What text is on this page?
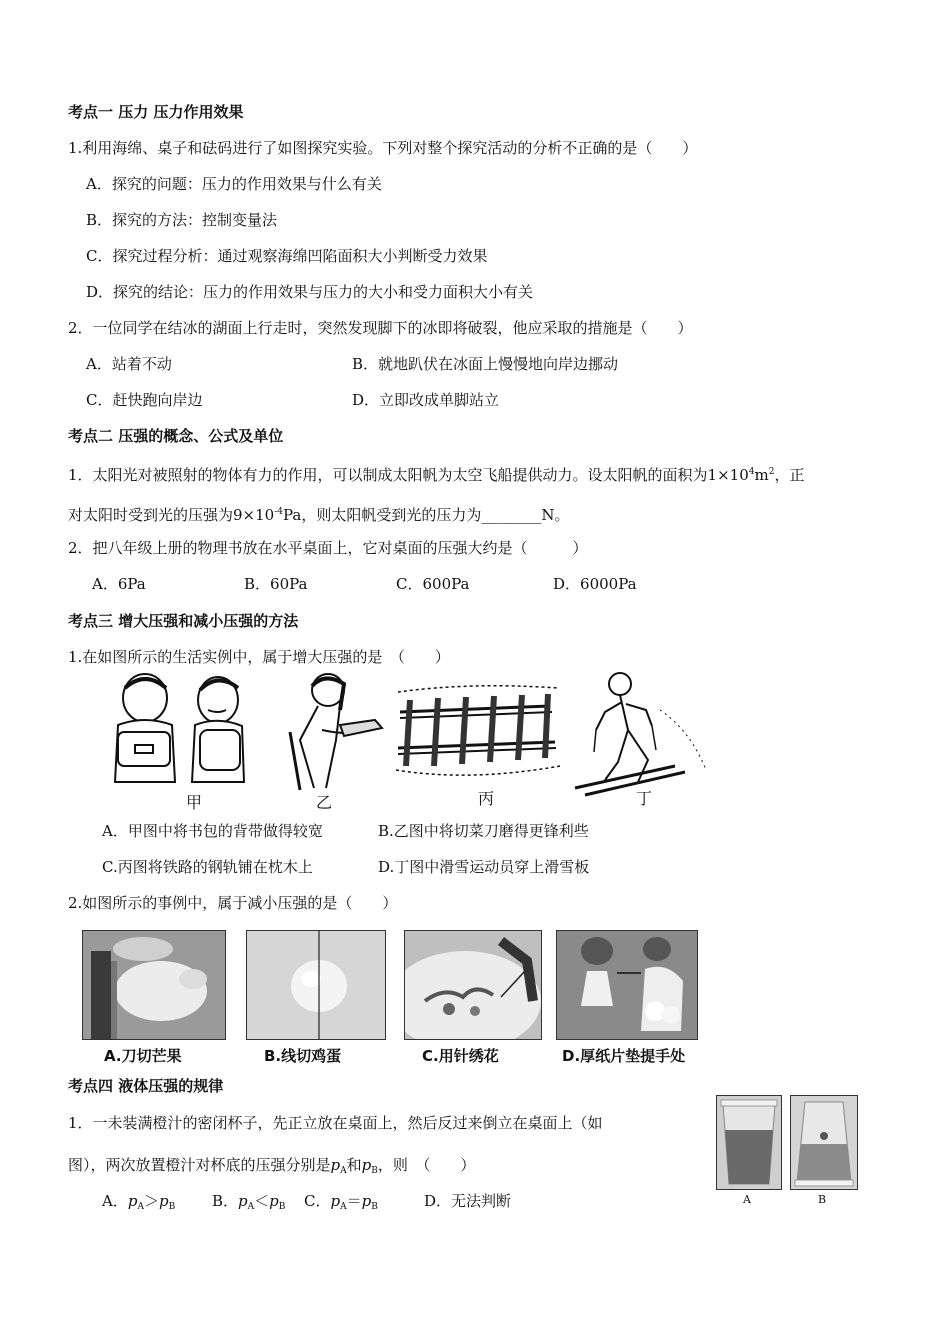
考点一 压力 压力作用效果
1.利用海绵、桌子和砝码进行了如图探究实验。下列对整个探究活动的分析不正确的是（　　）
A．探究的问题：压力的作用效果与什么有关
B．探究的方法：控制变量法
C．探究过程分析：通过观察海绵凹陷面积大小判断受力效果
D．探究的结论：压力的作用效果与压力的大小和受力面积大小有关
2．一位同学在结冰的湖面上行走时，突然发现脚下的冰即将破裂，他应采取的措施是（　　）
A．站着不动	B．就地趴伏在冰面上慢慢地向岸边挪动
C．赶快跑向岸边	D．立即改成单脚站立
考点二 压强的概念、公式及单位
1．太阳光对被照射的物体有力的作用，可以制成太阳帆为太空飞船提供动力。设太阳帆的面积为$1\times 10^4m^2$，正
对太阳时受到光的压强为$9\times 10^{-4}Pa$，则太阳帆受到光的压力为________N。
2．把八年级上册的物理书放在水平桌面上，它对桌面的压强大约是（　　　）
A．6Pa	B．60Pa	C．600Pa	D．6000Pa
考点三 增大压强和减小压强的方法
1.在如图所示的生活实例中，属于增大压强的是　（　　）
甲	乙	丙	丁
A．甲图中将书包的背带做得较宽	B.乙图中将切菜刀磨得更锋利些
C.丙图将铁路的钢轨铺在枕木上	D.丁图中滑雪运动员穿上滑雪板
2.如图所示的事例中，属于减小压强的是（　　）
A.刀切芒果	B.线切鸡蛋	C.用针绣花	D.厚纸片垫提手处
考点四 液体压强的规律
1．一未装满橙汁的密闭杯子，先正立放在桌面上，然后反过来倒立在桌面上（如
图），两次放置橙汁对杯底的压强分别是$p_A$和$p_B$，则　（　　）
A．$p_A>p_B$ B．$p_A<p_B$ C．$p_A=p_B$	D．无法判断	A	B
